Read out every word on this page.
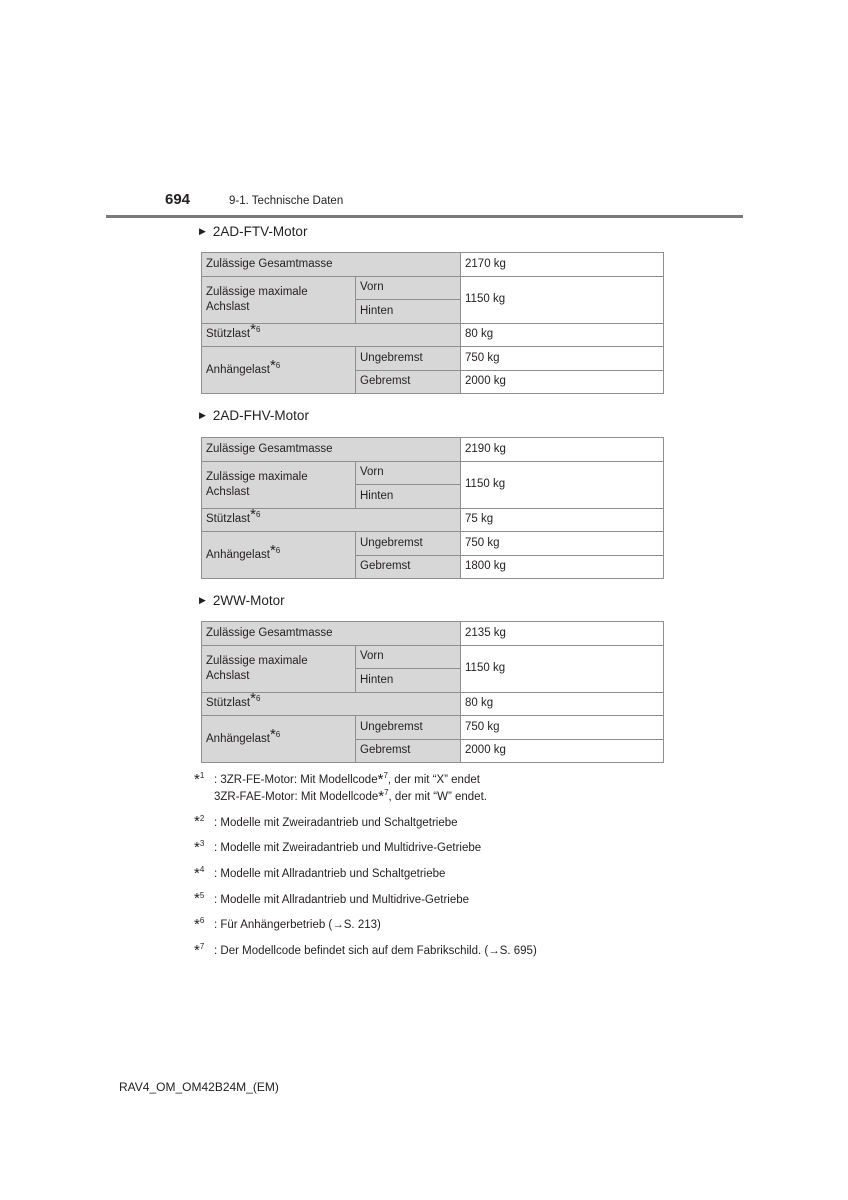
694	9-1. Technische Daten
▶ 2AD-FTV-Motor
Zulässige Gesamtmasse		2170 kg
Zulässige maximale Achslast	Vorn	1150 kg
	Hinten	
Stützlast$^{*6}$		80 kg
Anhängelast$^{*6}$	Ungebremst	750 kg
	Gebremst	2000 kg
▶ 2AD-FHV-Motor
Zulässige Gesamtmasse		2190 kg
Zulässige maximale Achslast	Vorn	1150 kg
	Hinten	
Stützlast$^{*6}$		75 kg
Anhängelast$^{*6}$	Ungebremst	750 kg
	Gebremst	1800 kg
▶ 2WW-Motor
Zulässige Gesamtmasse		2135 kg
Zulässige maximale Achslast	Vorn	1150 kg
	Hinten	
Stützlast$^{*6}$		80 kg
Anhängelast$^{*6}$	Ungebremst	750 kg
	Gebremst	2000 kg
*$^1$ : 3ZR-FE-Motor: Mit Modellcode*$^7$, der mit “X” endet
3ZR-FAE-Motor: Mit Modellcode*$^7$, der mit “W” endet.
*$^2$ : Modelle mit Zweiradantrieb und Schaltgetriebe
*$^3$ : Modelle mit Zweiradantrieb und Multidrive-Getriebe
*$^4$ : Modelle mit Allradantrieb und Schaltgetriebe
*$^5$ : Modelle mit Allradantrieb und Multidrive-Getriebe
*$^6$ : Für Anhängerbetrieb (→S. 213)
*$^7$ : Der Modellcode befindet sich auf dem Fabrikschild. (→S. 695)
RAV4_OM_OM42B24M_(EM)
